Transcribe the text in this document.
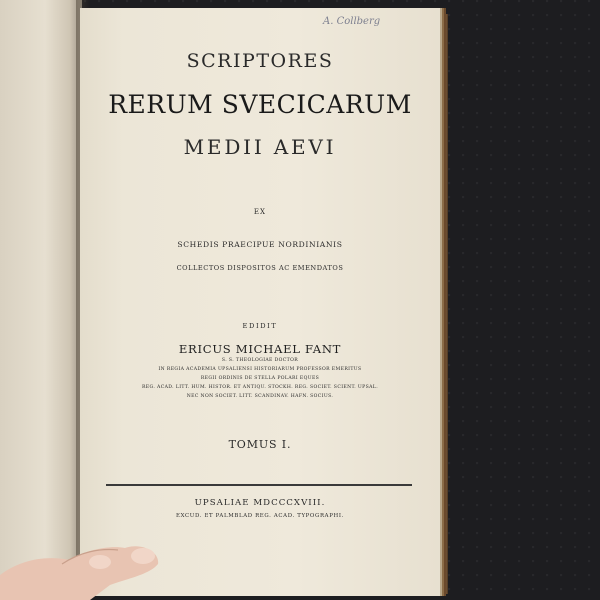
A. Collberg
SCRIPTORES
RERUM SVECICARUM
MEDII AEVI
EX
SCHEDIS PRAECIPUE NORDINIANIS
COLLECTOS DISPOSITOS AC EMENDATOS
EDIDIT
ERICUS MICHAEL FANT
S. S. THEOLOGIAE DOCTOR
IN REGIA ACADEMIA UPSALIENSI HISTORIARUM PROFESSOR EMERITUS
REGII ORDINIS DE STELLA POLARI EQUES
REG. ACAD. LITT. HUM. HISTOR. ET ANTIQU. STOCKH. REG. SOCIET. SCIENT. UPSAL.
NEC NON SOCIET. LITT. SCANDINAV. HAFN. SOCIUS.
TOMUS I.
UPSALIAE MDCCCXVIII.
EXCUD. ET PALMBLAD REG. ACAD. TYPOGRAPHI.
